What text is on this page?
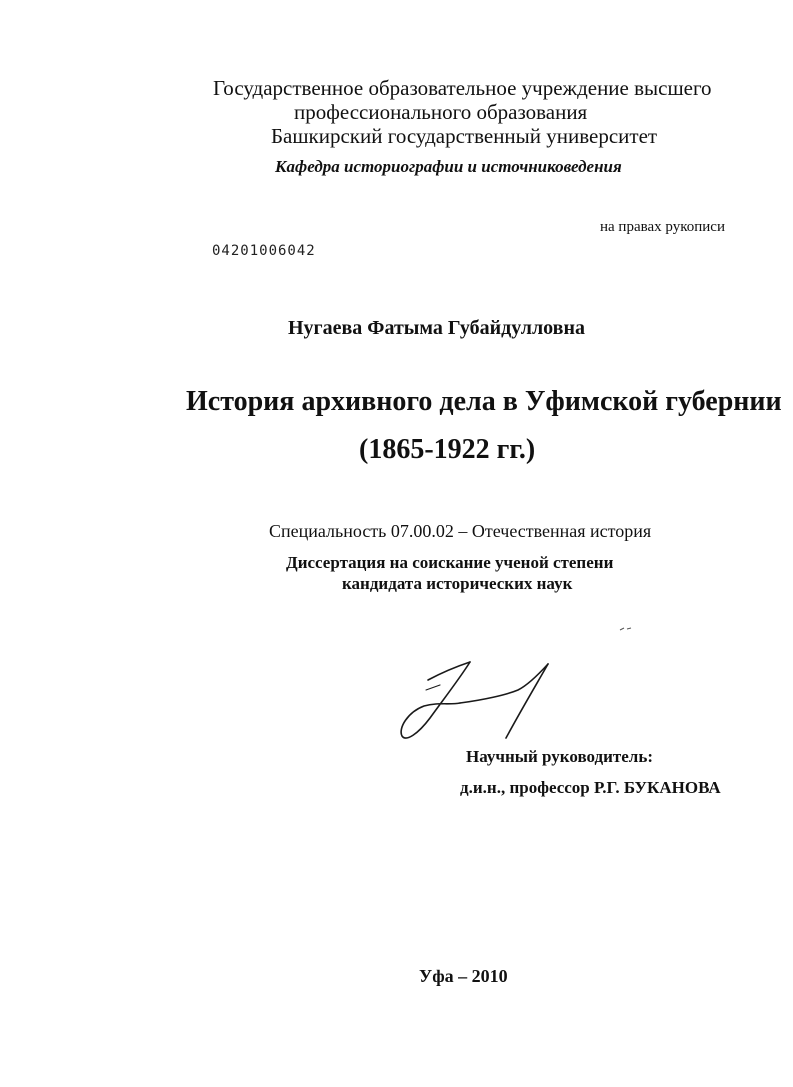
Государственное образовательное учреждение высшего
профессионального образования
Башкирский государственный университет
Кафедра историографии и источниковедения
на правах рукописи
04201006042
Нугаева Фатыма Губайдулловна
История архивного дела в Уфимской губернии
(1865-1922 гг.)
Специальность 07.00.02 – Отечественная история
Диссертация на соискание ученой степени
кандидата исторических наук
Научный руководитель:
д.и.н., профессор Р.Г. БУКАНОВА
Уфа – 2010
